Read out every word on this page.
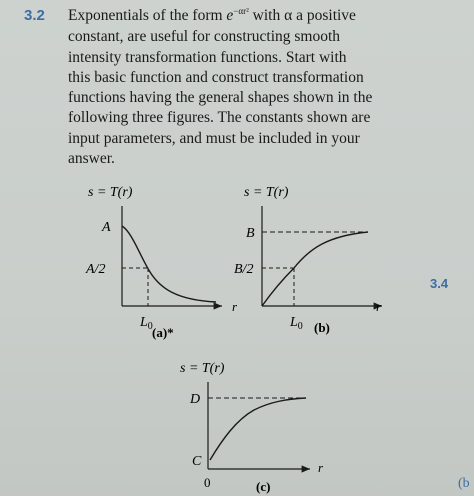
3.2 Exponentials of the form $e^{-\alpha r^2}$ with α a positive
constant, are useful for constructing smooth
intensity transformation functions. Start with
this basic function and construct transformation
functions having the general shapes shown in the
following three figures. The constants shown are
input parameters, and must be included in your
answer.
3.4
(b
s = T(r)
A
A/2
r
$L_0$ (a)*
s = T(r)
B
B/2
r
$L_0$ (b)
s = T(r)
D
C	r
0	(c)
